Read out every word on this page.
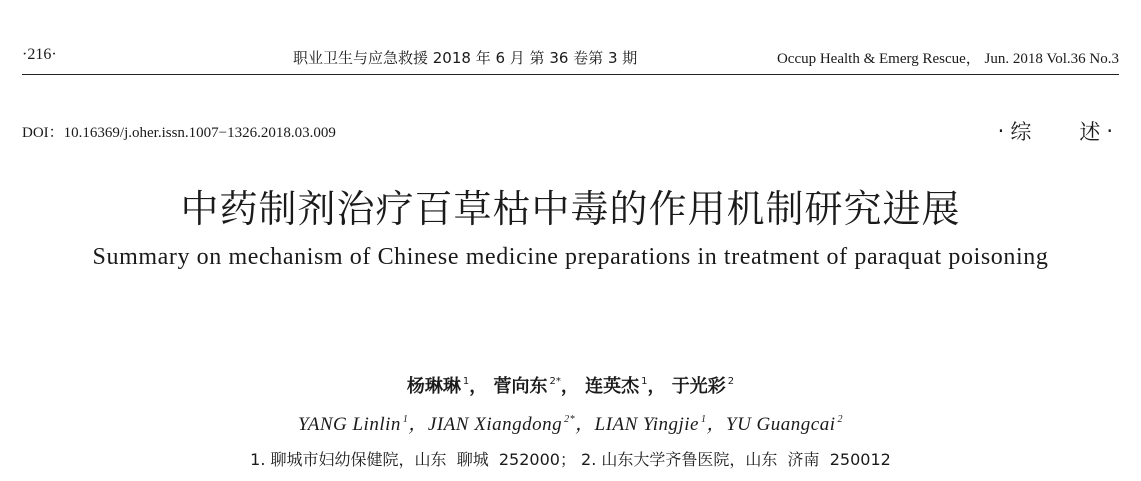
·216·	职业卫生与应急救援 2018 年 6 月 第 36 卷第 3 期	Occup Health & Emerg Rescue， Jun. 2018 Vol.36 No.3
DOI：10.16369/j.oher.issn.1007−1326.2018.03.009	· 综 述 ·
中药制剂治疗百草枯中毒的作用机制研究进展
Summary on mechanism of Chinese medicine preparations in treatment of paraquat poisoning
杨琳琳 $^1$， 菅向东 $^{2*}$， 连英杰 $^1$， 于光彩 $^2$
YANG Linlin $^1$，JIAN Xiangdong $^{2*}$，LIAN Yingjie $^1$，YU Guangcai $^2$
1. 聊城市妇幼保健院，山东  聊城  252000； 2. 山东大学齐鲁医院，山东  济南  250012
